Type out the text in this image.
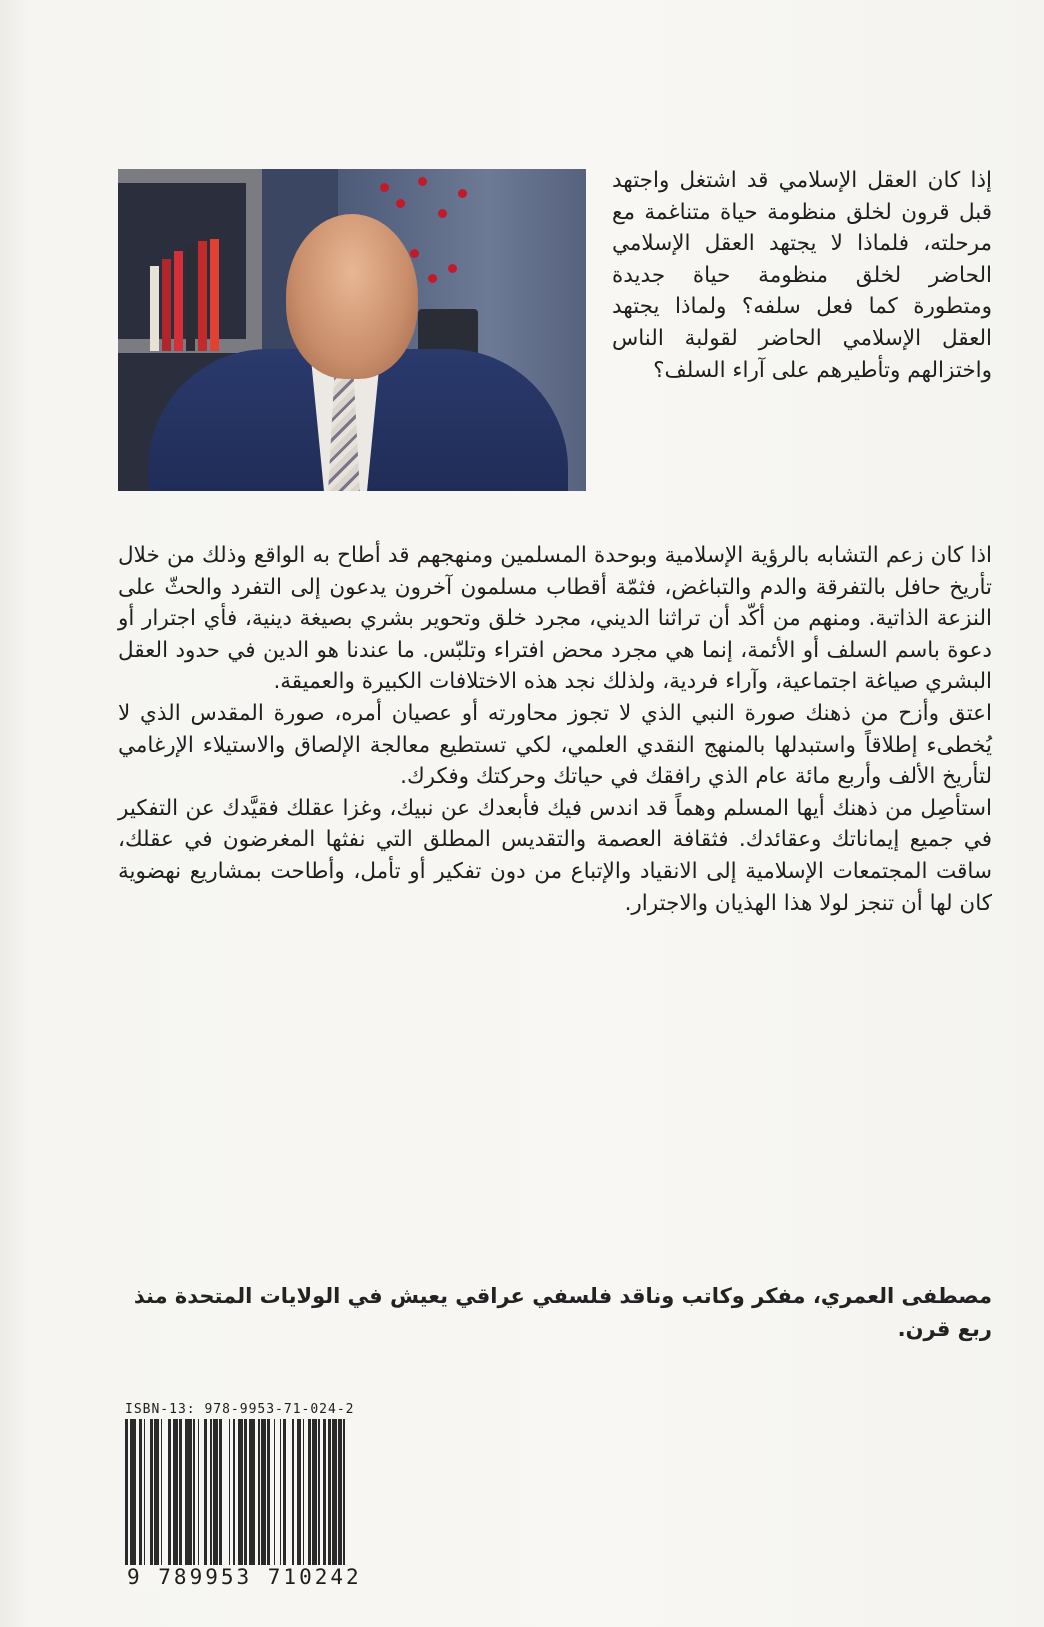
إذا كان العقل الإسلامي قد اشتغل واجتهد قبل قرون لخلق منظومة حياة متناغمة مع مرحلته، فلماذا لا يجتهد العقل الإسلامي الحاضر لخلق منظومة حياة جديدة ومتطورة كما فعل سلفه؟ ولماذا يجتهد العقل الإسلامي الحاضر لقولبة الناس واختزالهم وتأطيرهم على آراء السلف؟

اذا كان زعم التشابه بالرؤية الإسلامية وبوحدة المسلمين ومنهجهم قد أطاح به الواقع وذلك من خلال تأريخ حافل بالتفرقة والدم والتباغض، فثمّة أقطاب مسلمون آخرون يدعون إلى التفرد والحثّ على النزعة الذاتية. ومنهم من أكّد أن تراثنا الديني، مجرد خلق وتحوير بشري بصيغة دينية، فأي اجترار أو دعوة باسم السلف أو الأئمة، إنما هي مجرد محض افتراء وتلبّس. ما عندنا هو الدين في حدود العقل البشري صياغة اجتماعية، وآراء فردية، ولذلك نجد هذه الاختلافات الكبيرة والعميقة.

اعتق وأزح من ذهنك صورة النبي الذي لا تجوز محاورته أو عصيان أمره، صورة المقدس الذي لا يُخطىء إطلاقاً واستبدلها بالمنهج النقدي العلمي، لكي تستطيع معالجة الإلصاق والاستيلاء الإرغامي لتأريخ الألف وأربع مائة عام الذي رافقك في حياتك وحركتك وفكرك.

استأصِل من ذهنك أيها المسلم وهماً قد اندس فيك فأبعدك عن نبيك، وغزا عقلك فقيَّدك عن التفكير في جميع إيماناتك وعقائدك. فثقافة العصمة والتقديس المطلق التي نفثها المغرضون في عقلك، ساقت المجتمعات الإسلامية إلى الانقياد والإتباع من دون تفكير أو تأمل، وأطاحت بمشاريع نهضوية كان لها أن تنجز لولا هذا الهذيان والاجترار.

مصطفى العمري، مفكر وكاتب وناقد فلسفي عراقي يعيش في الولايات المتحدة منذ ربع قرن.
ISBN-13: 978-9953-71-024-2
9 789953 710242
